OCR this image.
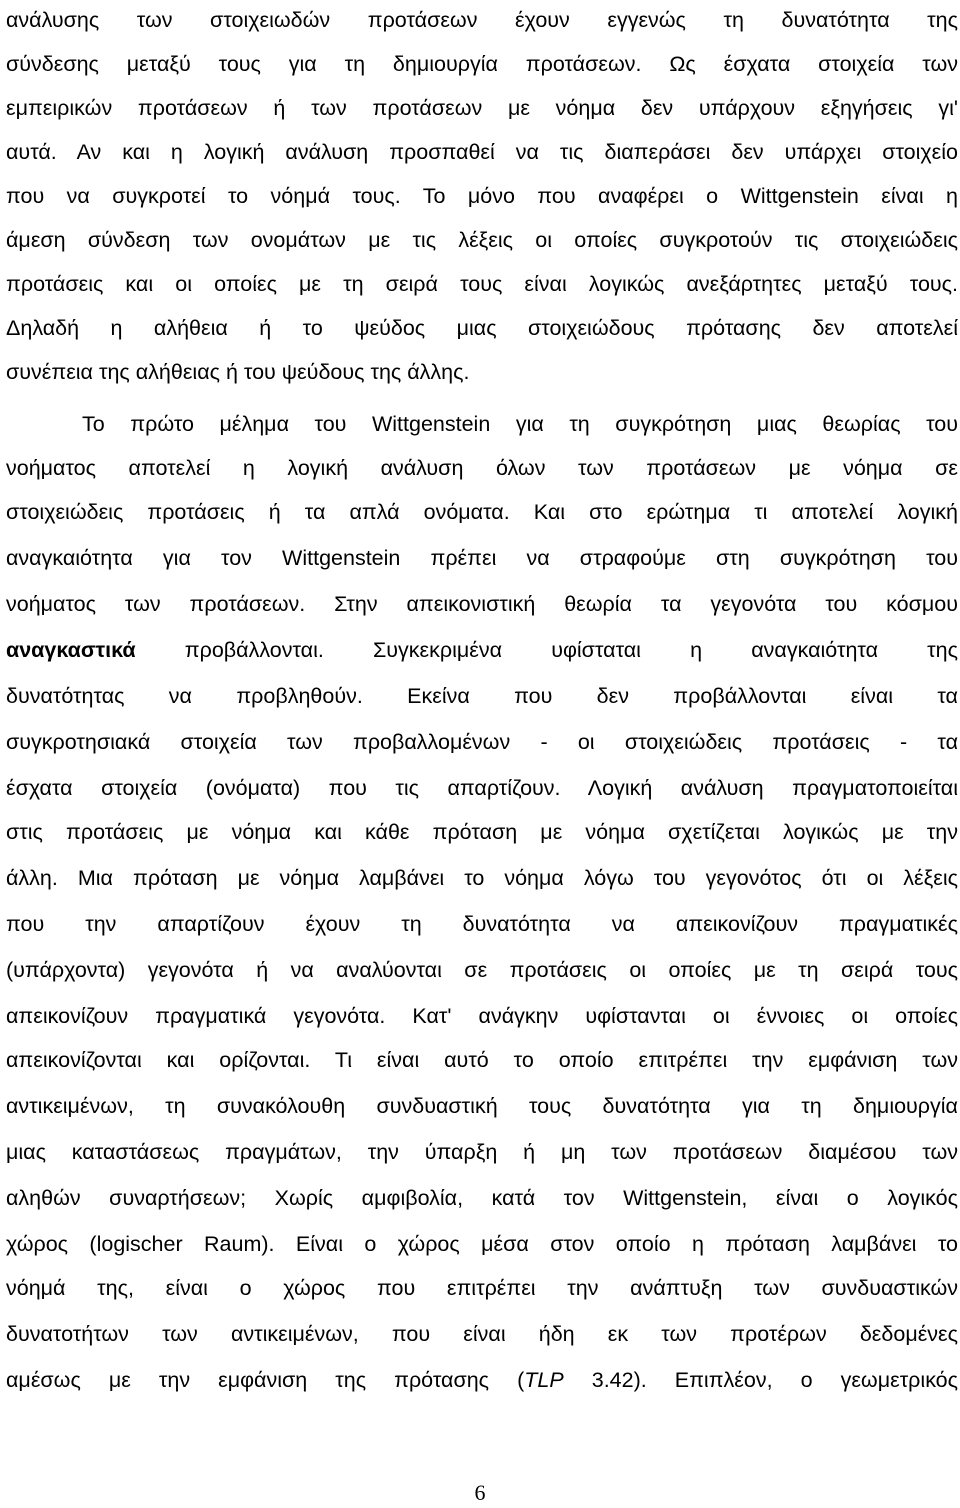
ανάλυσης των στοιχειωδών προτάσεων έχουν εγγενώς τη δυνατότητα της
σύνδεσης μεταξύ τους για τη δημιουργία προτάσεων. Ως έσχατα στοιχεία των
εμπειρικών προτάσεων ή των προτάσεων με νόημα δεν υπάρχουν εξηγήσεις γι'
αυτά. Αν και η λογική ανάλυση προσπαθεί να τις διαπεράσει δεν υπάρχει στοιχείο
που να συγκροτεί το νόημά τους. Το μόνο που αναφέρει ο Wittgenstein είναι η
άμεση σύνδεση των ονομάτων με τις λέξεις οι οποίες συγκροτούν τις στοιχειώδεις
προτάσεις και οι οποίες με τη σειρά τους είναι λογικώς ανεξάρτητες μεταξύ τους.
Δηλαδή η αλήθεια ή το ψεύδος μιας στοιχειώδους πρότασης δεν αποτελεί
συνέπεια της αλήθειας ή του ψεύδους της άλλης.
Το πρώτο μέλημα του Wittgenstein για τη συγκρότηση μιας θεωρίας του
νοήματος αποτελεί η λογική ανάλυση όλων των προτάσεων με νόημα σε
στοιχειώδεις προτάσεις ή τα απλά ονόματα. Και στο ερώτημα τι αποτελεί λογική
αναγκαιότητα για τον Wittgenstein πρέπει να στραφούμε στη συγκρότηση του
νοήματος των προτάσεων. Στην απεικονιστική θεωρία τα γεγονότα του κόσμου
αναγκαστικά προβάλλονται. Συγκεκριμένα υφίσταται η αναγκαιότητα της
δυνατότητας να προβληθούν. Εκείνα που δεν προβάλλονται είναι τα
συγκροτησιακά στοιχεία των προβαλλομένων - οι στοιχειώδεις προτάσεις - τα
έσχατα στοιχεία (ονόματα) που τις απαρτίζουν. Λογική ανάλυση πραγματοποιείται
στις προτάσεις με νόημα και κάθε πρόταση με νόημα σχετίζεται λογικώς με την
άλλη. Μια πρόταση με νόημα λαμβάνει το νόημα λόγω του γεγονότος ότι οι λέξεις
που την απαρτίζουν έχουν τη δυνατότητα να απεικονίζουν πραγματικές
(υπάρχοντα) γεγονότα ή να αναλύονται σε προτάσεις οι οποίες με τη σειρά τους
απεικονίζουν πραγματικά γεγονότα. Κατ' ανάγκην υφίστανται οι έννοιες οι οποίες
απεικονίζονται και ορίζονται. Τι είναι αυτό το οποίο επιτρέπει την εμφάνιση των
αντικειμένων, τη συνακόλουθη συνδυαστική τους δυνατότητα για τη δημιουργία
μιας καταστάσεως πραγμάτων, την ύπαρξη ή μη των προτάσεων διαμέσου των
αληθών συναρτήσεων; Χωρίς αμφιβολία, κατά τον Wittgenstein, είναι ο λογικός
χώρος (logischer Raum). Είναι ο χώρος μέσα στον οποίο η πρόταση λαμβάνει το
νόημά της, είναι ο χώρος που επιτρέπει την ανάπτυξη των συνδυαστικών
δυνατοτήτων των αντικειμένων, που είναι ήδη εκ των προτέρων δεδομένες
αμέσως με την εμφάνιση της πρότασης (TLP 3.42). Επιπλέον, ο γεωμετρικός
6
